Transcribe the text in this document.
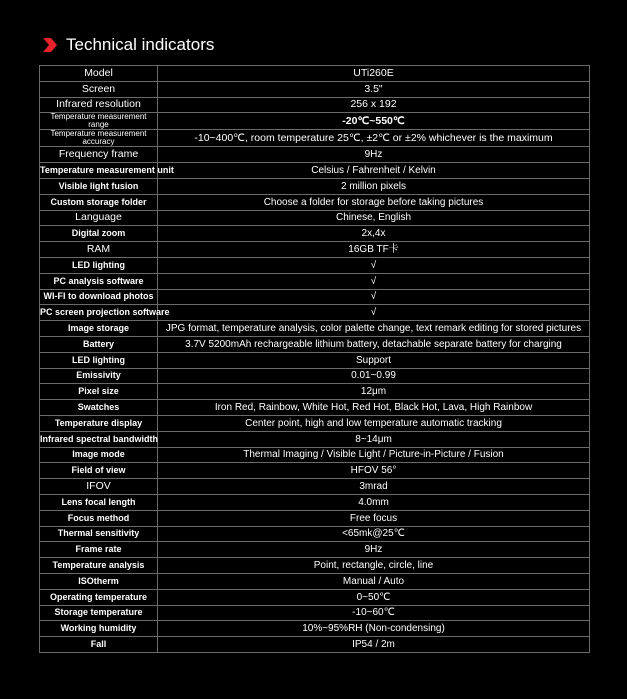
Technical indicators
Model	UTi260E
Screen	3.5"
Infrared resolution	256 x 192
Temperature measurement range	-20℃~550℃
Temperature measurement accuracy	-10~400℃, room temperature 25℃, ±2℃ or ±2% whichever is the maximum
Frequency frame	9Hz
Temperature measurement unit	Celsius / Fahrenheit / Kelvin
Visible light fusion	2 million pixels
Custom storage folder	Choose a folder for storage before taking pictures
Language	Chinese, English
Digital zoom	2x,4x
RAM	16GB TF卡
LED lighting	√
PC analysis software	√
WI-FI to download photos	√
PC screen projection software	√
Image storage	JPG format, temperature analysis, color palette change, text remark editing for stored pictures
Battery	3.7V 5200mAh rechargeable lithium battery, detachable separate battery for charging
LED lighting	Support
Emissivity	0.01~0.99
Pixel size	12μm
Swatches	Iron Red, Rainbow, White Hot, Red Hot, Black Hot, Lava, High Rainbow
Temperature display	Center point, high and low temperature automatic tracking
Infrared spectral bandwidth	8~14μm
Image mode	Thermal Imaging / Visible Light / Picture-in-Picture / Fusion
Field of view	HFOV 56°
IFOV	3mrad
Lens focal length	4.0mm
Focus method	Free focus
Thermal sensitivity	<65mk@25℃
Frame rate	9Hz
Temperature analysis	Point, rectangle, circle, line
ISOtherm	Manual / Auto
Operating temperature	0~50℃
Storage temperature	-10~60℃
Working humidity	10%~95%RH (Non-condensing)
Fall	IP54 / 2m
